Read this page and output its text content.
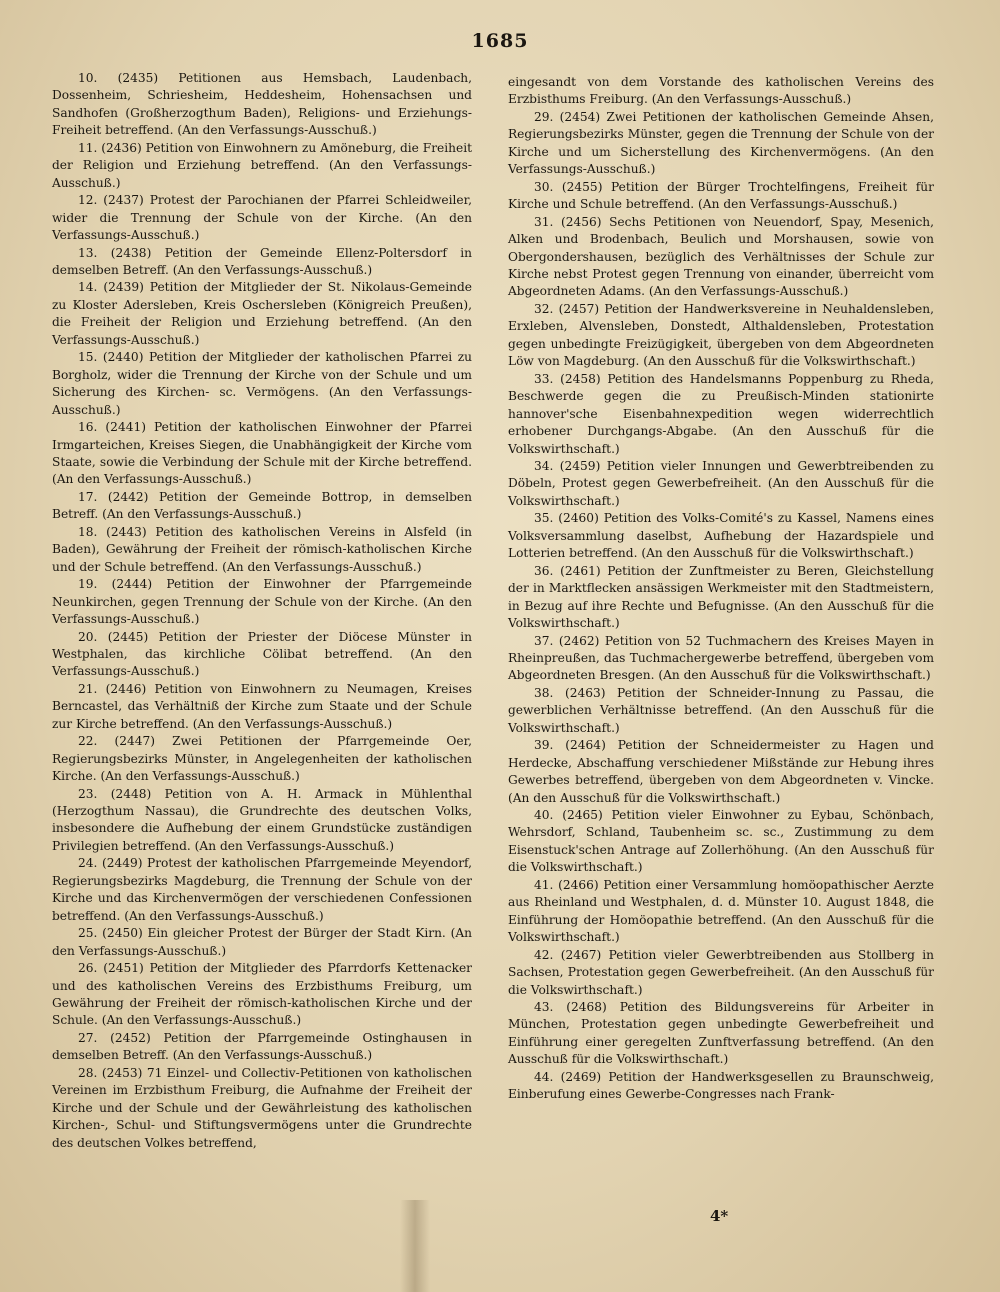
1685

10. (2435) Petitionen aus Hemsbach, Laudenbach, Dossenheim, Schriesheim, Heddesheim, Hohensachsen und Sandhofen (Großherzogthum Baden), Religions- und Erziehungs-Freiheit betreffend. (An den Verfassungs-Ausschuß.)

11. (2436) Petition von Einwohnern zu Amöneburg, die Freiheit der Religion und Erziehung betreffend. (An den Verfassungs-Ausschuß.)

12. (2437) Protest der Parochianen der Pfarrei Schleidweiler, wider die Trennung der Schule von der Kirche. (An den Verfassungs-Ausschuß.)

13. (2438) Petition der Gemeinde Ellenz-Poltersdorf in demselben Betreff. (An den Verfassungs-Ausschuß.)

14. (2439) Petition der Mitglieder der St. Nikolaus-Gemeinde zu Kloster Adersleben, Kreis Oschersleben (Königreich Preußen), die Freiheit der Religion und Erziehung betreffend. (An den Verfassungs-Ausschuß.)

15. (2440) Petition der Mitglieder der katholischen Pfarrei zu Borgholz, wider die Trennung der Kirche von der Schule und um Sicherung des Kirchen- sc. Vermögens. (An den Verfassungs-Ausschuß.)

16. (2441) Petition der katholischen Einwohner der Pfarrei Irmgarteichen, Kreises Siegen, die Unabhängigkeit der Kirche vom Staate, sowie die Verbindung der Schule mit der Kirche betreffend. (An den Verfassungs-Ausschuß.)

17. (2442) Petition der Gemeinde Bottrop, in demselben Betreff. (An den Verfassungs-Ausschuß.)

18. (2443) Petition des katholischen Vereins in Alsfeld (in Baden), Gewährung der Freiheit der römisch-katholischen Kirche und der Schule betreffend. (An den Verfassungs-Ausschuß.)

19. (2444) Petition der Einwohner der Pfarrgemeinde Neunkirchen, gegen Trennung der Schule von der Kirche. (An den Verfassungs-Ausschuß.)

20. (2445) Petition der Priester der Diöcese Münster in Westphalen, das kirchliche Cölibat betreffend. (An den Verfassungs-Ausschuß.)

21. (2446) Petition von Einwohnern zu Neumagen, Kreises Berncastel, das Verhältniß der Kirche zum Staate und der Schule zur Kirche betreffend. (An den Verfassungs-Ausschuß.)

22. (2447) Zwei Petitionen der Pfarrgemeinde Oer, Regierungsbezirks Münster, in Angelegenheiten der katholischen Kirche. (An den Verfassungs-Ausschuß.)

23. (2448) Petition von A. H. Armack in Mühlenthal (Herzogthum Nassau), die Grundrechte des deutschen Volks, insbesondere die Aufhebung der einem Grundstücke zuständigen Privilegien betreffend. (An den Verfassungs-Ausschuß.)

24. (2449) Protest der katholischen Pfarrgemeinde Meyendorf, Regierungsbezirks Magdeburg, die Trennung der Schule von der Kirche und das Kirchenvermögen der verschiedenen Confessionen betreffend. (An den Verfassungs-Ausschuß.)

25. (2450) Ein gleicher Protest der Bürger der Stadt Kirn. (An den Verfassungs-Ausschuß.)

26. (2451) Petition der Mitglieder des Pfarrdorfs Kettenacker und des katholischen Vereins des Erzbisthums Freiburg, um Gewährung der Freiheit der römisch-katholischen Kirche und der Schule. (An den Verfassungs-Ausschuß.)

27. (2452) Petition der Pfarrgemeinde Ostinghausen in demselben Betreff. (An den Verfassungs-Ausschuß.)

28. (2453) 71 Einzel- und Collectiv-Petitionen von katholischen Vereinen im Erzbisthum Freiburg, die Aufnahme der Freiheit der Kirche und der Schule und der Gewährleistung des katholischen Kirchen-, Schul- und Stiftungsvermögens unter die Grundrechte des deutschen Volkes betreffend,

eingesandt von dem Vorstande des katholischen Vereins des Erzbisthums Freiburg. (An den Verfassungs-Ausschuß.)

29. (2454) Zwei Petitionen der katholischen Gemeinde Ahsen, Regierungsbezirks Münster, gegen die Trennung der Schule von der Kirche und um Sicherstellung des Kirchenvermögens. (An den Verfassungs-Ausschuß.)

30. (2455) Petition der Bürger Trochtelfingens, Freiheit für Kirche und Schule betreffend. (An den Verfassungs-Ausschuß.)

31. (2456) Sechs Petitionen von Neuendorf, Spay, Mesenich, Alken und Brodenbach, Beulich und Morshausen, sowie von Obergondershausen, bezüglich des Verhältnisses der Schule zur Kirche nebst Protest gegen Trennung von einander, überreicht vom Abgeordneten Adams. (An den Verfassungs-Ausschuß.)

32. (2457) Petition der Handwerksvereine in Neuhaldensleben, Erxleben, Alvensleben, Donstedt, Althaldensleben, Protestation gegen unbedingte Freizügigkeit, übergeben von dem Abgeordneten Löw von Magdeburg. (An den Ausschuß für die Volkswirthschaft.)

33. (2458) Petition des Handelsmanns Poppenburg zu Rheda, Beschwerde gegen die zu Preußisch-Minden stationirte hannover'sche Eisenbahnexpedition wegen widerrechtlich erhobener Durchgangs-Abgabe. (An den Ausschuß für die Volkswirthschaft.)

34. (2459) Petition vieler Innungen und Gewerbtreibenden zu Döbeln, Protest gegen Gewerbefreiheit. (An den Ausschuß für die Volkswirthschaft.)

35. (2460) Petition des Volks-Comité's zu Kassel, Namens eines Volksversammlung daselbst, Aufhebung der Hazardspiele und Lotterien betreffend. (An den Ausschuß für die Volkswirthschaft.)

36. (2461) Petition der Zunftmeister zu Beren, Gleichstellung der in Marktflecken ansässigen Werkmeister mit den Stadtmeistern, in Bezug auf ihre Rechte und Befugnisse. (An den Ausschuß für die Volkswirthschaft.)

37. (2462) Petition von 52 Tuchmachern des Kreises Mayen in Rheinpreußen, das Tuchmachergewerbe betreffend, übergeben vom Abgeordneten Bresgen. (An den Ausschuß für die Volkswirthschaft.)

38. (2463) Petition der Schneider-Innung zu Passau, die gewerblichen Verhältnisse betreffend. (An den Ausschuß für die Volkswirthschaft.)

39. (2464) Petition der Schneidermeister zu Hagen und Herdecke, Abschaffung verschiedener Mißstände zur Hebung ihres Gewerbes betreffend, übergeben von dem Abgeordneten v. Vincke. (An den Ausschuß für die Volkswirthschaft.)

40. (2465) Petition vieler Einwohner zu Eybau, Schönbach, Wehrsdorf, Schland, Taubenheim sc. sc., Zustimmung zu dem Eisenstuck'schen Antrage auf Zollerhöhung. (An den Ausschuß für die Volkswirthschaft.)

41. (2466) Petition einer Versammlung homöopathischer Aerzte aus Rheinland und Westphalen, d. d. Münster 10. August 1848, die Einführung der Homöopathie betreffend. (An den Ausschuß für die Volkswirthschaft.)

42. (2467) Petition vieler Gewerbtreibenden aus Stollberg in Sachsen, Protestation gegen Gewerbefreiheit. (An den Ausschuß für die Volkswirthschaft.)

43. (2468) Petition des Bildungsvereins für Arbeiter in München, Protestation gegen unbedingte Gewerbefreiheit und Einführung einer geregelten Zunftverfassung betreffend. (An den Ausschuß für die Volkswirthschaft.)

44. (2469) Petition der Handwerksgesellen zu Braunschweig, Einberufung eines Gewerbe-Congresses nach Frank-

4*
